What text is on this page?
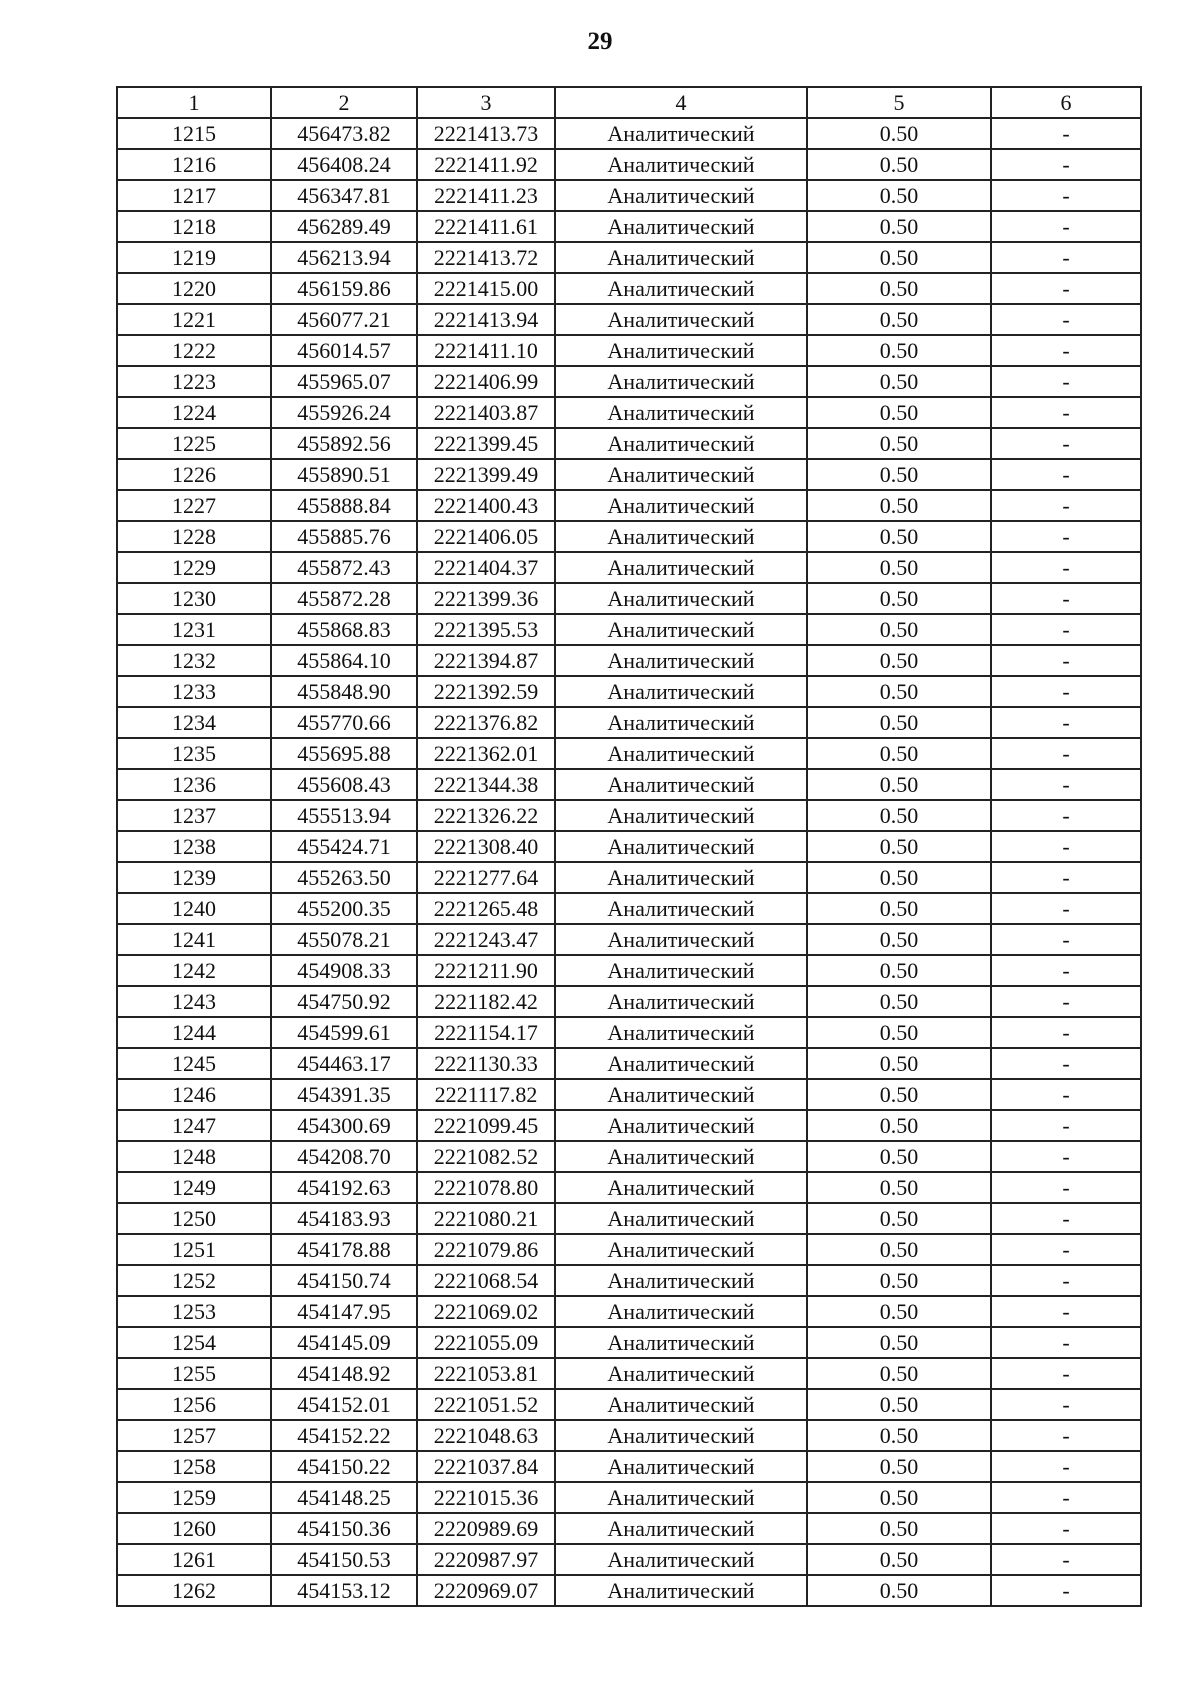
29
1	2	3	4	5	6
1215	456473.82	2221413.73	Аналитический	0.50	-
1216	456408.24	2221411.92	Аналитический	0.50	-
1217	456347.81	2221411.23	Аналитический	0.50	-
1218	456289.49	2221411.61	Аналитический	0.50	-
1219	456213.94	2221413.72	Аналитический	0.50	-
1220	456159.86	2221415.00	Аналитический	0.50	-
1221	456077.21	2221413.94	Аналитический	0.50	-
1222	456014.57	2221411.10	Аналитический	0.50	-
1223	455965.07	2221406.99	Аналитический	0.50	-
1224	455926.24	2221403.87	Аналитический	0.50	-
1225	455892.56	2221399.45	Аналитический	0.50	-
1226	455890.51	2221399.49	Аналитический	0.50	-
1227	455888.84	2221400.43	Аналитический	0.50	-
1228	455885.76	2221406.05	Аналитический	0.50	-
1229	455872.43	2221404.37	Аналитический	0.50	-
1230	455872.28	2221399.36	Аналитический	0.50	-
1231	455868.83	2221395.53	Аналитический	0.50	-
1232	455864.10	2221394.87	Аналитический	0.50	-
1233	455848.90	2221392.59	Аналитический	0.50	-
1234	455770.66	2221376.82	Аналитический	0.50	-
1235	455695.88	2221362.01	Аналитический	0.50	-
1236	455608.43	2221344.38	Аналитический	0.50	-
1237	455513.94	2221326.22	Аналитический	0.50	-
1238	455424.71	2221308.40	Аналитический	0.50	-
1239	455263.50	2221277.64	Аналитический	0.50	-
1240	455200.35	2221265.48	Аналитический	0.50	-
1241	455078.21	2221243.47	Аналитический	0.50	-
1242	454908.33	2221211.90	Аналитический	0.50	-
1243	454750.92	2221182.42	Аналитический	0.50	-
1244	454599.61	2221154.17	Аналитический	0.50	-
1245	454463.17	2221130.33	Аналитический	0.50	-
1246	454391.35	2221117.82	Аналитический	0.50	-
1247	454300.69	2221099.45	Аналитический	0.50	-
1248	454208.70	2221082.52	Аналитический	0.50	-
1249	454192.63	2221078.80	Аналитический	0.50	-
1250	454183.93	2221080.21	Аналитический	0.50	-
1251	454178.88	2221079.86	Аналитический	0.50	-
1252	454150.74	2221068.54	Аналитический	0.50	-
1253	454147.95	2221069.02	Аналитический	0.50	-
1254	454145.09	2221055.09	Аналитический	0.50	-
1255	454148.92	2221053.81	Аналитический	0.50	-
1256	454152.01	2221051.52	Аналитический	0.50	-
1257	454152.22	2221048.63	Аналитический	0.50	-
1258	454150.22	2221037.84	Аналитический	0.50	-
1259	454148.25	2221015.36	Аналитический	0.50	-
1260	454150.36	2220989.69	Аналитический	0.50	-
1261	454150.53	2220987.97	Аналитический	0.50	-
1262	454153.12	2220969.07	Аналитический	0.50	-
